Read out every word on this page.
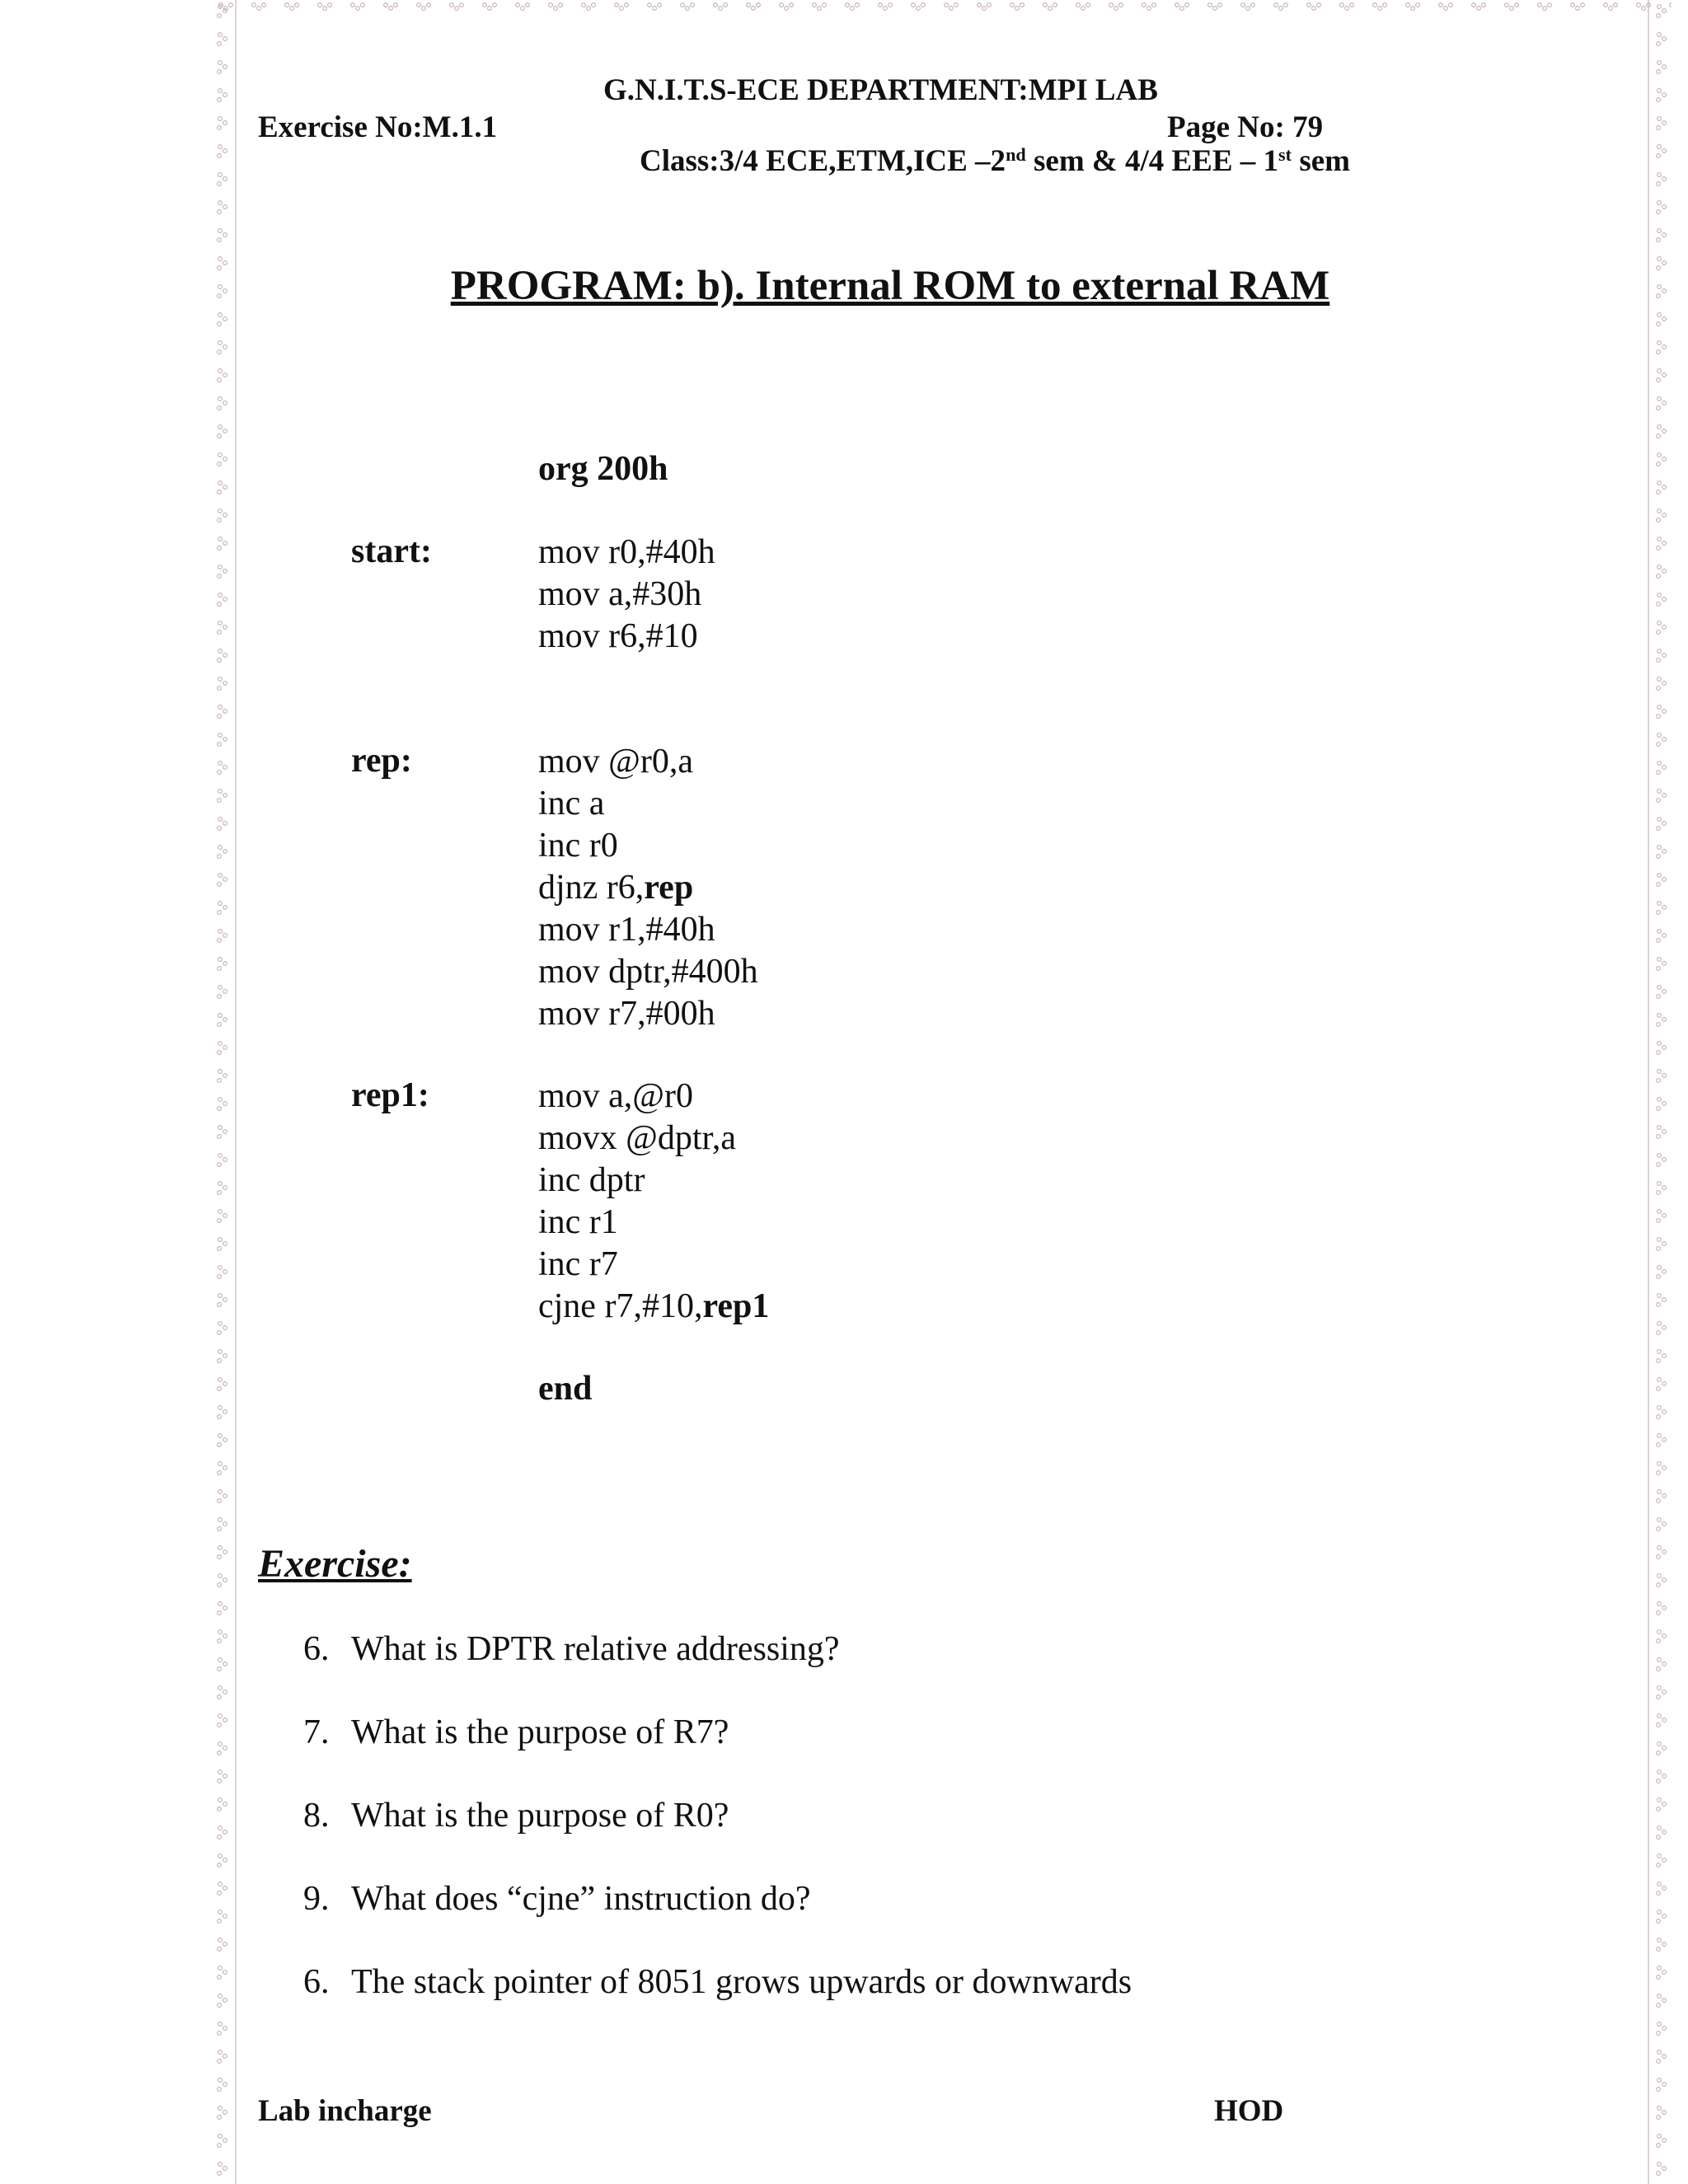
G.N.I.T.S-ECE DEPARTMENT:MPI LAB
Exercise No:M.1.1	Page No: 79
Class:3/4 ECE,ETM,ICE –2nd sem & 4/4 EEE – 1st sem
PROGRAM: b). Internal ROM to external RAM
org 200h
start:	mov r0,#40h
mov a,#30h
mov r6,#10
rep:	mov @r0,a
inc a
inc r0
djnz r6,rep
mov r1,#40h
mov dptr,#400h
mov r7,#00h
rep1:	mov a,@r0
movx @dptr,a
inc dptr
inc r1
inc r7
cjne r7,#10,rep1
end
Exercise:
6. What is DPTR relative addressing?
7. What is the purpose of R7?
8. What is the purpose of R0?
9. What does “cjne” instruction do?
6. The stack pointer of 8051 grows upwards or downwards
Lab incharge	HOD
